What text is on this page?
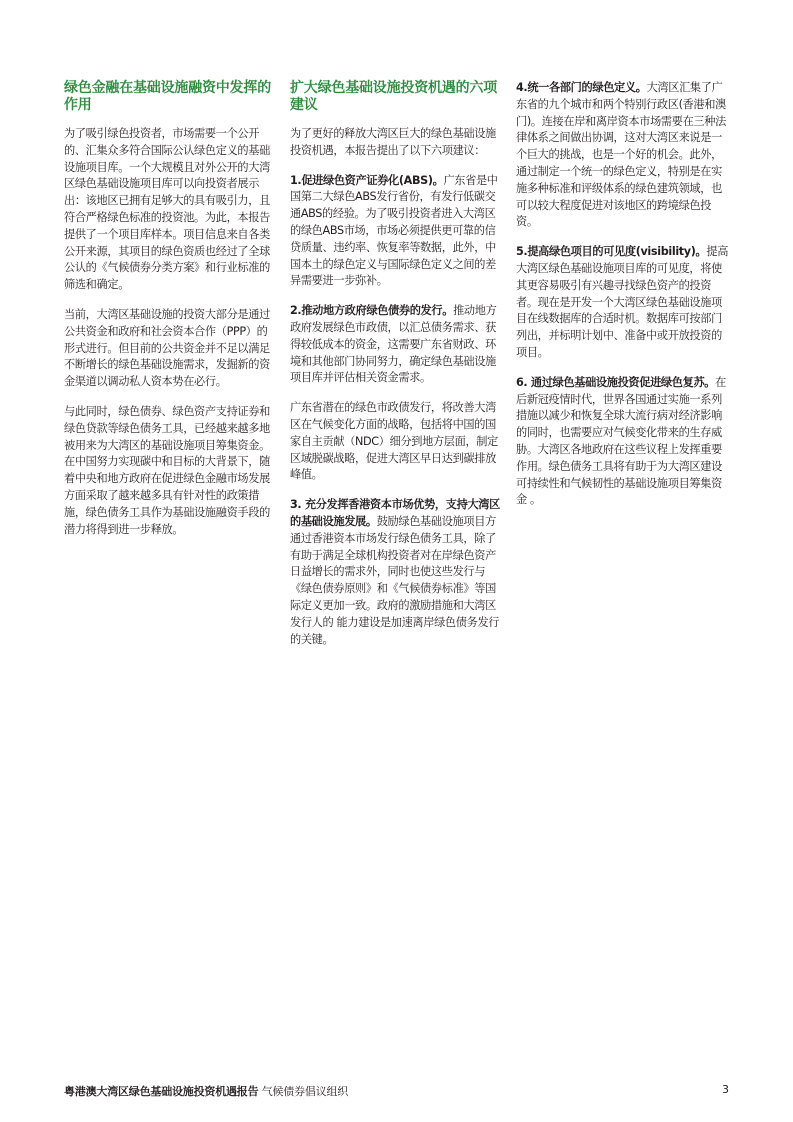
绿色金融在基础设施融资中发挥的作用

为了吸引绿色投资者，市场需要一个公开的、汇集众多符合国际公认绿色定义的基础设施项目库。一个大规模且对外公开的大湾区绿色基础设施项目库可以向投资者展示出：该地区已拥有足够大的具有吸引力，且符合严格绿色标准的投资池。为此，本报告提供了一个项目库样本。项目信息来自各类公开来源，其项目的绿色资质也经过了全球公认的《气候债券分类方案》和行业标准的筛选和确定。

当前，大湾区基础设施的投资大部分是通过公共资金和政府和社会资本合作（PPP）的形式进行。但目前的公共资金并不足以满足不断增长的绿色基础设施需求，发掘新的资金渠道以调动私人资本势在必行。

与此同时，绿色债券、绿色资产支持证券和绿色贷款等绿色债务工具，已经越来越多地被用来为大湾区的基础设施项目筹集资金。在中国努力实现碳中和目标的大背景下，随着中央和地方政府在促进绿色金融市场发展方面采取了越来越多具有针对性的政策措施，绿色债务工具作为基础设施融资手段的潜力将得到进一步释放。

扩大绿色基础设施投资机遇的六项建议

为了更好的释放大湾区巨大的绿色基础设施投资机遇，本报告提出了以下六项建议：

1.促进绿色资产证券化(ABS)。广东省是中国第二大绿色ABS发行省份，有发行低碳交通ABS的经验。为了吸引投资者进入大湾区的绿色ABS市场，市场必须提供更可靠的信贷质量、违约率、恢复率等数据，此外，中国本土的绿色定义与国际绿色定义之间的差异需要进一步弥补。

2.推动地方政府绿色债券的发行。推动地方政府发展绿色市政债，以汇总债务需求、获得较低成本的资金，这需要广东省财政、环境和其他部门协同努力，确定绿色基础设施项目库并评估相关资金需求。

广东省潜在的绿色市政债发行，将改善大湾区在气候变化方面的战略，包括将中国的国家自主贡献（NDC）细分到地方层面，制定区域脱碳战略，促进大湾区早日达到碳排放峰值。

3. 充分发挥香港资本市场优势，支持大湾区的基础设施发展。鼓励绿色基础设施项目方通过香港资本市场发行绿色债务工具，除了有助于满足全球机构投资者对在岸绿色资产日益增长的需求外，同时也使这些发行与《绿色债券原则》和《气候债券标准》等国际定义更加一致。政府的激励措施和大湾区发行人的 能力建设是加速离岸绿色债务发行的关键。

4.统一各部门的绿色定义。大湾区汇集了广东省的九个城市和两个特别行政区(香港和澳门)。连接在岸和离岸资本市场需要在三种法律体系之间做出协调，这对大湾区来说是一个巨大的挑战，也是一个好的机会。此外，通过制定一个统一的绿色定义，特别是在实施多种标准和评级体系的绿色建筑领域，也可以较大程度促进对该地区的跨境绿色投资。

5.提高绿色项目的可见度(visibility)。提高大湾区绿色基础设施项目库的可见度，将使其更容易吸引有兴趣寻找绿色资产的投资者。现在是开发一个大湾区绿色基础设施项目在线数据库的合适时机。数据库可按部门列出，并标明计划中、准备中或开放投资的项目。

6. 通过绿色基础设施投资促进绿色复苏。在后新冠疫情时代，世界各国通过实施一系列措施以减少和恢复全球大流行病对经济影响的同时，也需要应对气候变化带来的生存威胁。大湾区各地政府在这些议程上发挥重要作用。绿色债务工具将有助于为大湾区建设可持续性和气候韧性的基础设施项目筹集资金 。

粤港澳大湾区绿色基础设施投资机遇报告 气候债券倡议组织	3
